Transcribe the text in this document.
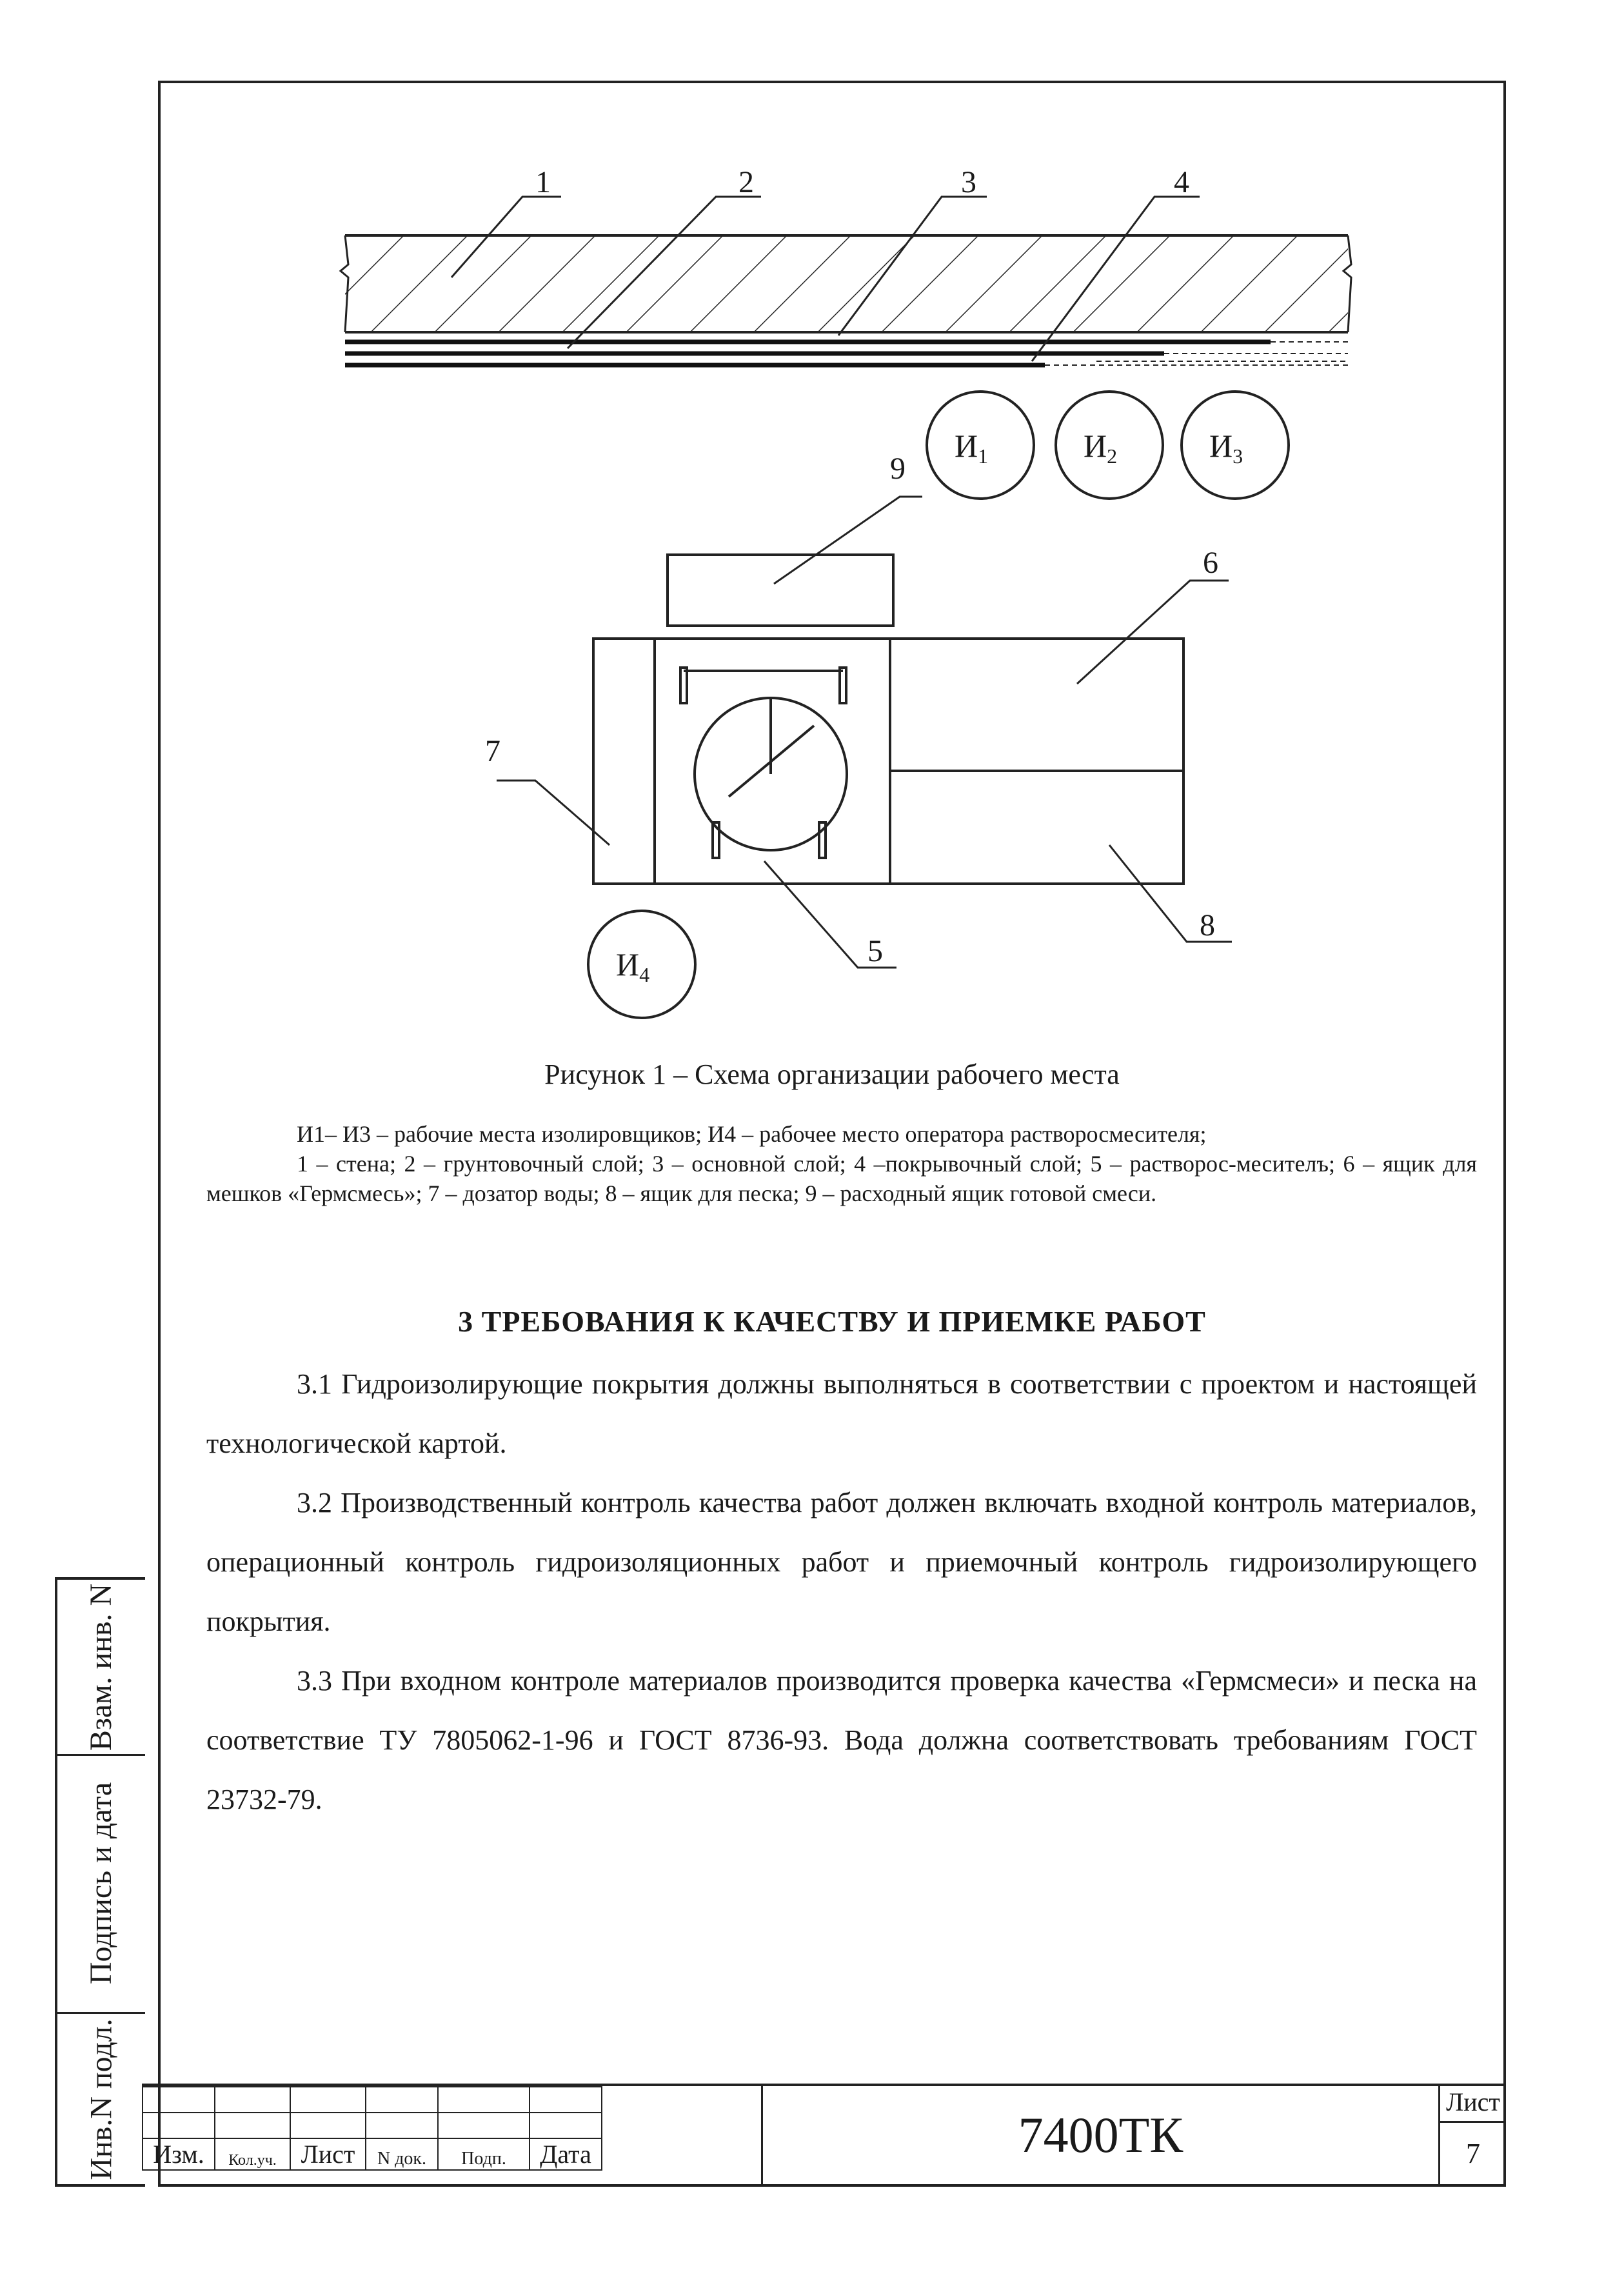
1	2	3	4
$И_1$	$И_2$	$И_3$
9
6
7
5
8
$И_4$
Рисунок 1 – Схема организации рабочего места

И1– И3 – рабочие места изолировщиков; И4 – рабочее место оператора растворосмесителя;

1 – стена; 2 – грунтовочный слой; 3 – основной слой; 4 –покрывочный слой; 5 – растворос-месителъ; 6 – ящик для мешков «Гермсмесь»; 7 – дозатор воды; 8 – ящик для песка; 9 – расходный ящик готовой смеси.

3 ТРЕБОВАНИЯ К КАЧЕСТВУ И ПРИЕМКЕ РАБОТ

3.1 Гидроизолирующие покрытия должны выполняться в соответствии с проектом и настоящей технологической картой.

3.2 Производственный контроль качества работ должен включать входной контроль материалов, операционный контроль гидроизоляционных работ и приемочный контроль гидроизолирующего покрытия.

3.3 При входном контроле материалов производится проверка качества «Гермсмеси» и песка на соответствие ТУ 7805062-1-96 и ГОСТ 8736-93. Вода должна соответствовать требованиям ГОСТ 23732-79.

Взам. инв. N
Подпись и дата
Инв.N подл.

					Изм.	Кол.уч.	Лист	N док.	Подп.	Дата	7400ТК
Лист
7
